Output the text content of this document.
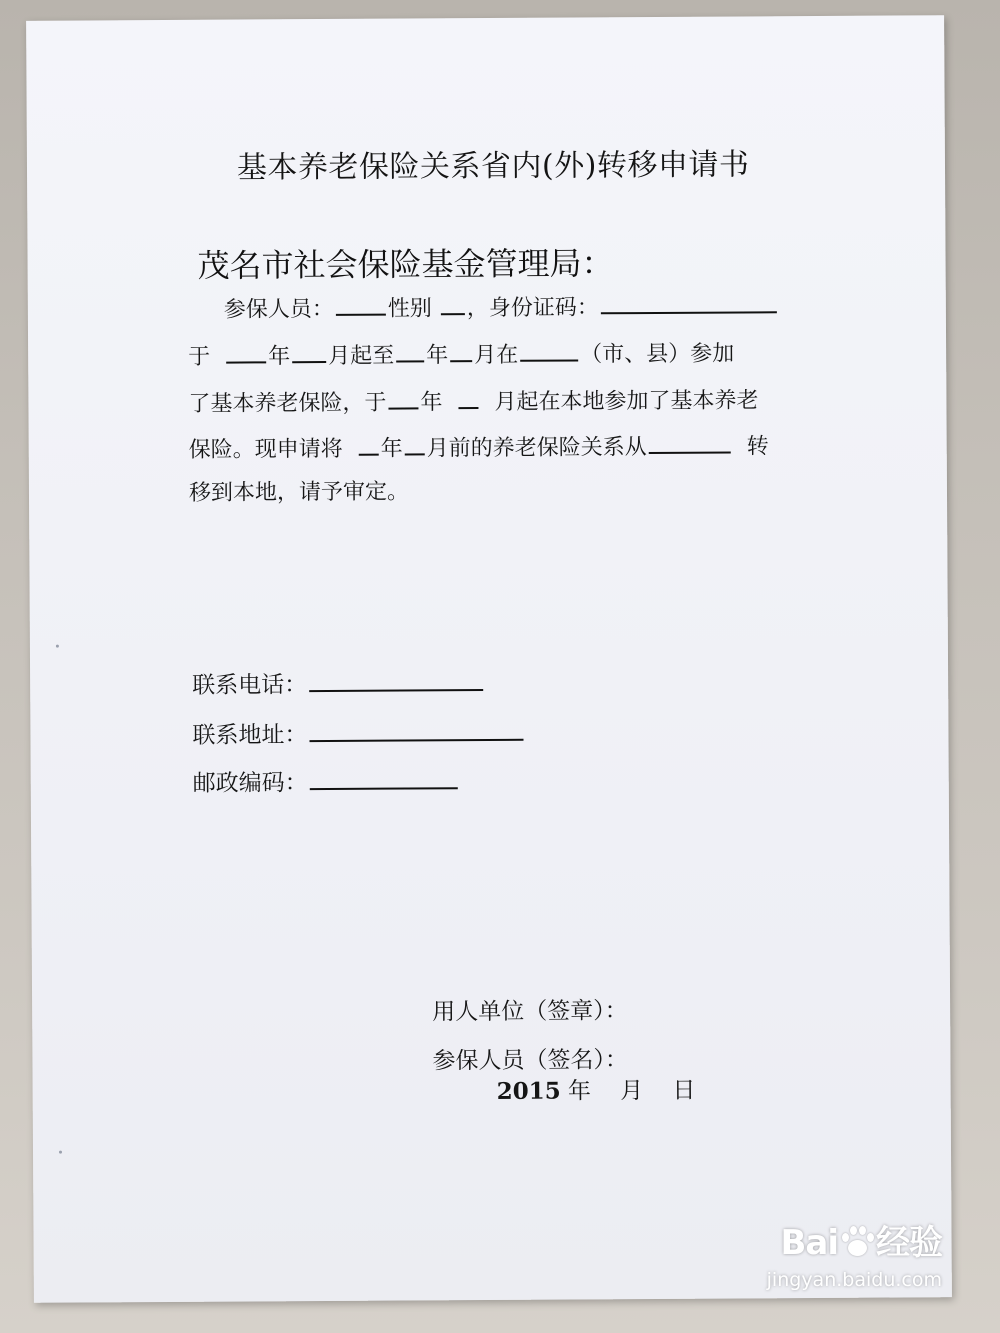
基本养老保险关系省内(外)转移申请书
茂名市社会保险基金管理局：
参保人员： 性别 ，身份证码：
于	年 月起至 年 月在	（市、县）参加
了基本养老保险，于 年 月起在本地参加了基本养老
保险。现申请将 年 月前的养老保险关系从	转
移到本地，请予审定。
联系电话：
联系地址：
邮政编码：
用人单位（签章）：
参保人员（签名）：
2015 年 月 日
Bai 经验
jingyan.baidu.com
